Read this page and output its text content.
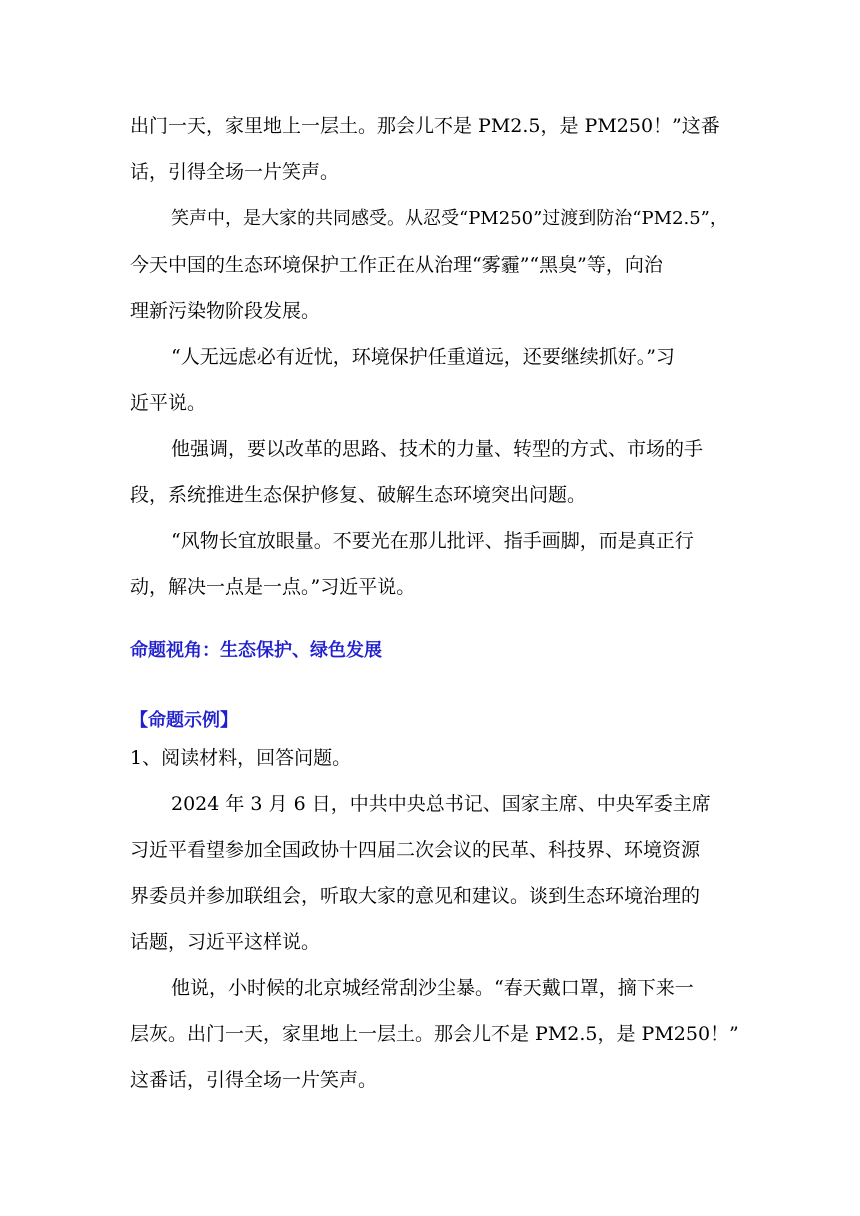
出门一天，家里地上一层土。那会儿不是 PM2.5，是 PM250！”这番
话，引得全场一片笑声。
笑声中，是大家的共同感受。从忍受“PM250”过渡到防治“PM2.5”，
今天中国的生态环境保护工作正在从治理“雾霾”“黑臭”等，向治
理新污染物阶段发展。
“人无远虑必有近忧，环境保护任重道远，还要继续抓好。”习
近平说。
他强调，要以改革的思路、技术的力量、转型的方式、市场的手
段，系统推进生态保护修复、破解生态环境突出问题。
“风物长宜放眼量。不要光在那儿批评、指手画脚，而是真正行
动，解决一点是一点。”习近平说。
命题视角：生态保护、绿色发展
【命题示例】
1、阅读材料，回答问题。
2024 年 3 月 6 日，中共中央总书记、国家主席、中央军委主席
习近平看望参加全国政协十四届二次会议的民革、科技界、环境资源
界委员并参加联组会，听取大家的意见和建议。谈到生态环境治理的
话题，习近平这样说。
他说，小时候的北京城经常刮沙尘暴。“春天戴口罩，摘下来一
层灰。出门一天，家里地上一层土。那会儿不是 PM2.5，是 PM250！”
这番话，引得全场一片笑声。
